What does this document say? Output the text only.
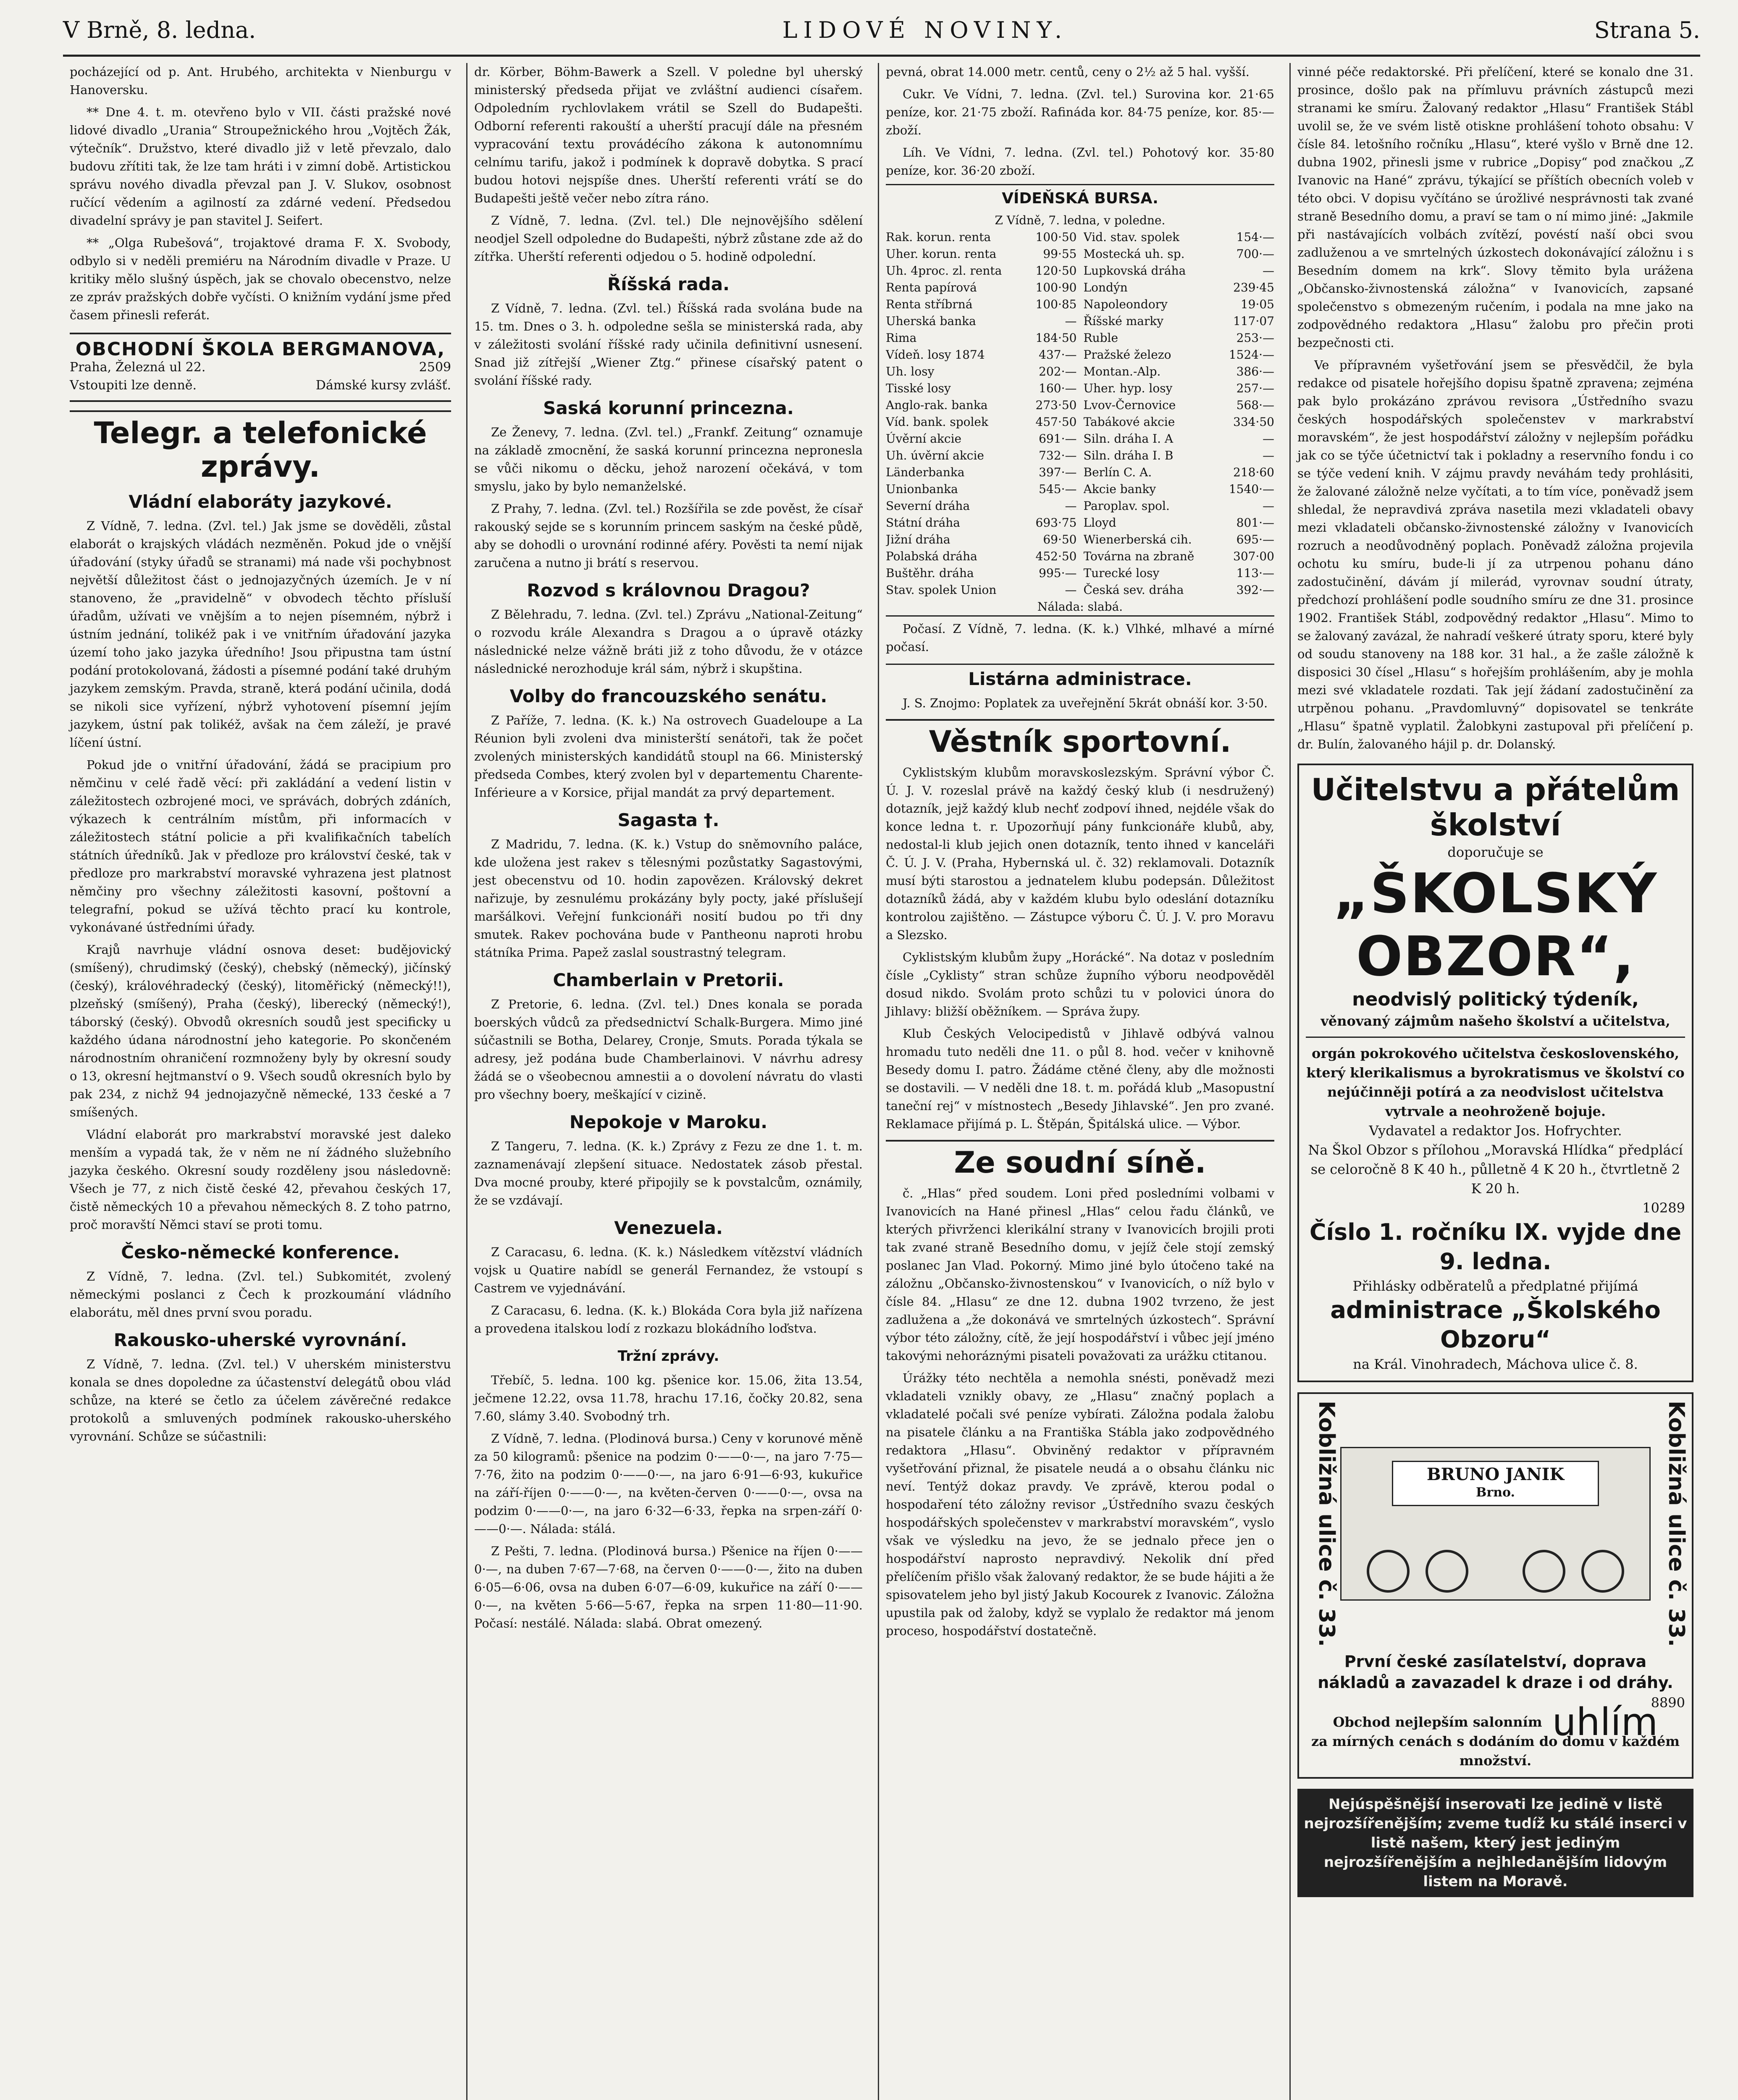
V Brně, 8. ledna.	LIDOVÉ NOVINY.	Strana 5.

pocházející od p. Ant. Hrubého, architekta v Nienburgu v Hanoversku.

** Dne 4. t. m. otevřeno bylo v VII. části pražské nové lidové divadlo „Urania“ Stroupežnického hrou „Vojtěch Žák, výtečník“. Družstvo, které divadlo již v letě převzalo, dalo budovu zřítiti tak, že lze tam hráti i v zimní době. Artistickou správu nového divadla převzal pan J. V. Slukov, osobnost ručící vědením a agilností za zdárné vedení. Předsedou divadelní správy je pan stavitel J. Seifert.

** „Olga Rubešová“, trojaktové drama F. X. Svobody, odbylo si v neděli premiéru na Národním divadle v Praze. U kritiky mělo slušný úspěch, jak se chovalo obecenstvo, nelze ze zpráv pražských dobře vyčísti. O knižním vydání jsme před časem přinesli referát.

OBCHODNÍ ŠKOLA BERGMANOVA,
Praha, Železná ul 22.	2509
Vstoupiti lze denně.	Dámské kursy zvlášť.
Telegr. a telefonické zprávy.
Vládní elaboráty jazykové.

Z Vídně, 7. ledna. (Zvl. tel.) Jak jsme se dověděli, zůstal elaborát o krajských vládách nezměněn. Pokud jde o vnější úřadování (styky úřadů se stranami) má nade vši pochybnost největší důležitost část o jednojazyčných územích. Je v ní stanoveno, že „pravidelně“ v obvodech těchto přísluší úřadům, užívati ve vnějším a to nejen písemném, nýbrž i ústním jednání, tolikéž pak i ve vnitřním úřadování jazyka území toho jako jazyka úředního! Jsou připustna tam ústní podání protokolovaná, žádosti a písemné podání také druhým jazykem zemským. Pravda, straně, která podání učinila, dodá se nikoli sice vyřízení, nýbrž vyhotovení písemní jejím jazykem, ústní pak tolikéž, avšak na čem záleží, je pravé líčení ústní.

Pokud jde o vnitřní úřadování, žádá se pracipium pro němčinu v celé řadě věcí: při zakládání a vedení listin v záležitostech ozbrojené moci, ve správách, dobrých zdáních, výkazech k centrálním místům, při informacích v záležitostech státní policie a při kvalifikačních tabelích státních úředníků. Jak v předloze pro království české, tak v předloze pro markrabství moravské vyhrazena jest platnost němčiny pro všechny záležitosti kasovní, poštovní a telegrafní, pokud se užívá těchto prací ku kontrole, vykonávané ústředními úřady.

Krajů navrhuje vládní osnova deset: budějovický (smíšený), chrudimský (český), chebský (německý), jičínský (český), královéhradecký (český), litoměřický (německý!!), plzeňský (smíšený), Praha (český), liberecký (německý!), táborský (český). Obvodů okresních soudů jest specificky u každého údana národnostní jeho kategorie. Po skončeném národnostním ohraničení rozmnoženy byly by okresní soudy o 13, okresní hejtmanství o 9. Všech soudů okresních bylo by pak 234, z nichž 94 jednojazyčně německé, 133 české a 7 smíšených.

Vládní elaborát pro markrabství moravské jest daleko menším a vypadá tak, že v něm ne ní žádného služebního jazyka českého. Okresní soudy rozděleny jsou následovně: Všech je 77, z nich čistě české 42, převahou českých 17, čistě německých 10 a převahou německých 8. Z toho patrno, proč moravští Němci staví se proti tomu.

Česko-německé konference.

Z Vídně, 7. ledna. (Zvl. tel.) Subkomitét, zvolený německými poslanci z Čech k prozkoumání vládního elaborátu, měl dnes první svou poradu.

Rakousko-uherské vyrovnání.

Z Vídně, 7. ledna. (Zvl. tel.) V uherském ministerstvu konala se dnes dopoledne za účastenství delegátů obou vlád schůze, na které se četlo za účelem závěrečné redakce protokolů a smluvených podmínek rakousko-uherského vyrovnání. Schůze se súčastnili:

dr. Körber, Böhm-Bawerk a Szell. V poledne byl uherský ministerský předseda přijat ve zvláštní audienci císařem. Odpoledním rychlovlakem vrátil se Szell do Budapešti. Odborní referenti rakouští a uherští pracují dále na přesném vypracování textu provádécího zákona k autonomnímu celnímu tarifu, jakož i podmínek k dopravě dobytka. S prací budou hotovi nejspíše dnes. Uherští referenti vrátí se do Budapešti ještě večer nebo zítra ráno.

Z Vídně, 7. ledna. (Zvl. tel.) Dle nejnovějšího sdělení neodjel Szell odpoledne do Budapešti, nýbrž zůstane zde až do zítřka. Uherští referenti odjedou o 5. hodině odpolední.

Říšská rada.

Z Vídně, 7. ledna. (Zvl. tel.) Říšská rada svolána bude na 15. tm. Dnes o 3. h. odpoledne sešla se ministerská rada, aby v záležitosti svolání říšské rady učinila definitivní usnesení. Snad již zítřejší „Wiener Ztg.“ přinese císařský patent o svolání říšské rady.

Saská korunní princezna.

Ze Ženevy, 7. ledna. (Zvl. tel.) „Frankf. Zeitung“ oznamuje na základě zmocnění, že saská korunní princezna nepronesla se vůči nikomu o děcku, jehož narození očekává, v tom smyslu, jako by bylo nemanželské.

Z Prahy, 7. ledna. (Zvl. tel.) Rozšířila se zde pověst, že císař rakouský sejde se s korunním princem saským na české půdě, aby se dohodli o urovnání rodinné aféry. Pověsti ta nemí nijak zaručena a nutno ji brátí s reservou.

Rozvod s královnou Dragou?

Z Bělehradu, 7. ledna. (Zvl. tel.) Zprávu „National-Zeitung“ o rozvodu krále Alexandra s Dragou a o úpravě otázky následnické nelze vážně bráti již z toho důvodu, že v otázce následnické nerozhoduje král sám, nýbrž i skupština.

Volby do francouzského senátu.

Z Paříže, 7. ledna. (K. k.) Na ostrovech Guadeloupe a La Réunion byli zvoleni dva ministerští senátoři, tak že počet zvolených ministerských kandidátů stoupl na 66. Ministerský předseda Combes, který zvolen byl v departementu Charente-Inférieure a v Korsice, přijal mandát za prvý departement.

Sagasta †.

Z Madridu, 7. ledna. (K. k.) Vstup do sněmovního paláce, kde uložena jest rakev s tělesnými pozůstatky Sagastovými, jest obecenstvu od 10. hodin zapovězen. Královský dekret nařizuje, by zesnulému prokázány byly pocty, jaké příslušejí maršálkovi. Veřejní funkcionáři nosití budou po tři dny smutek. Rakev pochována bude v Pantheonu naproti hrobu státníka Prima. Papež zaslal soustrastný telegram.

Chamberlain v Pretorii.

Z Pretorie, 6. ledna. (Zvl. tel.) Dnes konala se porada boerských vůdců za předsednictví Schalk-Burgera. Mimo jiné súčastnili se Botha, Delarey, Cronje, Smuts. Porada týkala se adresy, jež podána bude Chamberlainovi. V návrhu adresy žádá se o všeobecnou amnestii a o dovolení návratu do vlasti pro všechny boery, meškající v cizině.

Nepokoje v Maroku.

Z Tangeru, 7. ledna. (K. k.) Zprávy z Fezu ze dne 1. t. m. zaznamenávají zlepšení situace. Nedostatek zásob přestal. Dva mocné prouby, které připojily se k povstalcům, oznámily, že se vzdávají.

Venezuela.

Z Caracasu, 6. ledna. (K. k.) Následkem vítězství vládních vojsk u Quatire nabídl se generál Fernandez, že vstoupí s Castrem ve vyjednávání.

Z Caracasu, 6. ledna. (K. k.) Blokáda Cora byla již nařízena a provedena italskou lodí z rozkazu blokádního loďstva.

Tržní zprávy.

Třebíč, 5. ledna. 100 kg. pšenice kor. 15.06, žita 13.54, ječmene 12.22, ovsa 11.78, hrachu 17.16, čočky 20.82, sena 7.60, slámy 3.40. Svobodný trh.

Z Vídně, 7. ledna. (Plodinová bursa.) Ceny v korunové měně za 50 kilogramů: pšenice na podzim 0·——0·—, na jaro 7·75—7·76, žito na podzim 0·——0·—, na jaro 6·91—6·93, kukuřice na září-říjen 0·——0·—, na květen-červen 0·——0·—, ovsa na podzim 0·——0·—, na jaro 6·32—6·33, řepka na srpen-září 0·——0·—. Nálada: stálá.

Z Pešti, 7. ledna. (Plodinová bursa.) Pšenice na říjen 0·——0·—, na duben 7·67—7·68, na červen 0·——0·—, žito na duben 6·05—6·06, ovsa na duben 6·07—6·09, kukuřice na září 0·——0·—, na květen 5·66—5·67, řepka na srpen 11·80—11·90. Počasí: nestálé. Nálada: slabá. Obrat omezený.

pevná, obrat 14.000 metr. centů, ceny o 2½ až 5 hal. vyšší.

Cukr. Ve Vídni, 7. ledna. (Zvl. tel.) Surovina kor. 21·65 peníze, kor. 21·75 zboží. Rafináda kor. 84·75 peníze, kor. 85·— zboží.

Líh. Ve Vídni, 7. ledna. (Zvl. tel.) Pohotový kor. 35·80 peníze, kor. 36·20 zboží.

VÍDEŇSKÁ BURSA.
Z Vídně, 7. ledna, v poledne.
Rak. korun. renta	100·50 Vid. stav. spolek	154·—
Uher. korun. renta	99·55 Mostecká uh. sp.	700·—
Uh. 4proc. zl. renta	120·50 Lupkovská dráha	—
Renta papírová	100·90 Londýn	239·45
Renta stříbrná	100·85 Napoleondory	19·05
Uherská banka	— Říšské marky	117·07
Rima	184·50 Ruble	253·—
Vídeň. losy 1874	437·— Pražské železo	1524·—
Uh. losy	202·— Montan.-Alp.	386·—
Tisské losy	160·— Uher. hyp. losy	257·—
Anglo-rak. banka	273·50 Lvov-Černovice	568·—
Víd. bank. spolek	457·50 Tabákové akcie	334·50
Úvěrní akcie	691·— Siln. dráha I. A	—
Uh. úvěrní akcie	732·— Siln. dráha I. B	—
Länderbanka	397·— Berlín C. A.	218·60
Unionbanka	545·— Akcie banky	1540·—
Severní dráha	— Paroplav. spol.	—
Státní dráha	693·75 Lloyd	801·—
Jižní dráha	69·50 Wienerberská cih.	695·—
Polabská dráha	452·50 Továrna na zbraně	307·00
Buštěhr. dráha	995·— Turecké losy	113·—
Stav. spolek Union	— Česká sev. dráha	392·—
Nálada: slabá.

Počasí. Z Vídně, 7. ledna. (K. k.) Vlhké, mlhavé a mírné počasí.

Listárna administrace.

J. S. Znojmo: Poplatek za uveřejnění 5krát obnáší kor. 3·50.

Věstník sportovní.

Cyklistským klubům moravskoslezským. Správní výbor Č. Ú. J. V. rozeslal právě na každý český klub (i nesdružený) dotazník, jejž každý klub nechť zodpoví ihned, nejdéle však do konce ledna t. r. Upozorňují pány funkcionáře klubů, aby, nedostal-li klub jejich onen dotazník, tento ihned v kanceláři Č. Ú. J. V. (Praha, Hybernská ul. č. 32) reklamovali. Dotazník musí býti starostou a jednatelem klubu podepsán. Důležitost dotazníků žádá, aby v každém klubu bylo odeslání dotazníku kontrolou zajištěno. — Zástupce výboru Č. Ú. J. V. pro Moravu a Slezsko.

Cyklistským klubům župy „Horácké“. Na dotaz v posledním čísle „Cyklisty“ stran schůze župního výboru neodpověděl dosud nikdo. Svolám proto schůzi tu v polovici února do Jihlavy: bližší oběžníkem. — Správa župy.

Klub Českých Velocipedistů v Jihlavě odbývá valnou hromadu tuto neděli dne 11. o půl 8. hod. večer v knihovně Besedy domu I. patro. Žádáme ctěné členy, aby dle možnosti se dostavili. — V neděli dne 18. t. m. pořádá klub „Masopustní taneční rej“ v místnostech „Besedy Jihlavské“. Jen pro zvané. Reklamace přijímá p. L. Štěpán, Špitálská ulice. — Výbor.

Ze soudní síně.

č. „Hlas“ před soudem. Loni před posledními volbami v Ivanovicích na Hané přinesl „Hlas“ celou řadu článků, ve kterých přivrženci klerikální strany v Ivanovicích brojili proti tak zvané straně Besedního domu, v jejíž čele stojí zemský poslanec Jan Vlad. Pokorný. Mimo jiné bylo útočeno také na záložnu „Občansko-živnostenskou“ v Ivanovicích, o níž bylo v čísle 84. „Hlasu“ ze dne 12. dubna 1902 tvrzeno, že jest zadlužena a „že dokonává ve smrtelných úzkostech“. Správní výbor této záložny, cítě, že její hospodářství i vůbec její jméno takovými nehoráznými pisateli považovati za urážku ctitanou.

Úrážky této nechtěla a nemohla snésti, poněvadž mezi vkladateli vznikly obavy, ze „Hlasu“ značný poplach a vkladatelé počali své peníze vybírati. Záložna podala žalobu na pisatele článku a na Františka Stábla jako zodpovědného redaktora „Hlasu“. Obviněný redaktor v přípravném vyšetřování přiznal, že pisatele neudá a o obsahu článku nic neví. Tentýž dokaz pravdy. Ve zprávě, kterou podal o hospodaření této záložny revisor „Ústředního svazu českých hospodářských společenstev v markrabství moravském“, vyslo však ve výsledku na jevo, že se jednalo přece jen o hospodářství naprosto nepravdivý. Nekolik dní před přelíčením přišlo však žalovaný redaktor, že se bude hájiti a že spisovatelem jeho byl jistý Jakub Kocourek z Ivanovic. Záložna upustila pak od žaloby, když se vyplalo že redaktor má jenom proceso, hospodářství dostatečně.

vinné péče redaktorské. Při přelíčení, které se konalo dne 31. prosince, došlo pak na přímluvu právních zástupců mezi stranami ke smíru. Žalovaný redaktor „Hlasu“ František Stábl uvolil se, že ve svém listě otiskne prohlášení tohoto obsahu: V čísle 84. letošního ročníku „Hlasu“, které vyšlo v Brně dne 12. dubna 1902, přinesli jsme v rubrice „Dopisy“ pod značkou „Z Ivanovic na Hané“ zprávu, týkající se příštích obecních voleb v této obci. V dopisu vyčítáno se úrožlivé nesprávnosti tak zvané straně Besedního domu, a praví se tam o ní mimo jiné: „Jakmile při nastávajících volbách zvítězí, povéstí naší obci svou zadluženou a ve smrtelných úzkostech dokonávající záložnu i s Besedním domem na krk“. Slovy těmito byla urážena „Občansko-živnostenská záložna“ v Ivanovicích, zapsané společenstvo s obmezeným ručením, i podala na mne jako na zodpovědného redaktora „Hlasu“ žalobu pro přečin proti bezpečnosti cti.

Ve přípravném vyšetřování jsem se přesvědčil, že byla redakce od pisatele hořejšího dopisu špatně zpravena; zejména pak bylo prokázáno zprávou revisora „Ústředního svazu českých hospodářských společenstev v markrabství moravském“, že jest hospodářství záložny v nejlepším pořádku jak co se týče účetnictví tak i pokladny a reservního fondu i co se týče vedení knih. V zájmu pravdy neváhám tedy prohlásiti, že žalované záložně nelze vyčítati, a to tím více, poněvadž jsem shledal, že nepravdivá zpráva nasetila mezi vkladateli obavy mezi vkladateli občansko-živnostenské záložny v Ivanovicích rozruch a neodůvodněný poplach. Poněvadž záložna projevila ochotu ku smíru, bude-li jí za utrpenou pohanu dáno zadostučinění, dávám jí milerád, vyrovnav soudní útraty, předchozí prohlášení podle soudního smíru ze dne 31. prosince 1902. František Stábl, zodpovědný redaktor „Hlasu“. Mimo to se žalovaný zavázal, že nahradí veškeré útraty sporu, které byly od soudu stanoveny na 188 kor. 31 hal., a že zašle záložně k disposici 30 čísel „Hlasu“ s hořejším prohlášením, aby je mohla mezi své vkladatele rozdati. Tak její žádaní zadostučinění za utrpěnou pohanu. „Pravdomluvný“ dopisovatel se tenkráte „Hlasu“ špatně vyplatil. Žalobkyni zastupoval při přelíčení p. dr. Bulín, žalovaného hájil p. dr. Dolanský.

Učitelstvu a přátelům školství
doporučuje se
„ŠKOLSKÝ OBZOR“,
neodvislý politický týdeník,
věnovaný zájmům našeho školství a učitelstva,
orgán pokrokového učitelstva československého, který klerikalismus a byrokratismus ve školství co nejúčinněji potírá a za neodvislost učitelstva vytrvale a neohroženě bojuje.
Vydavatel a redaktor Jos. Hofrychter.
Na Škol Obzor s přílohou „Moravská Hlídka“ předplácí se celoročně 8 K 40 h., půlletně 4 K 20 h., čtvrtletně 2 K 20 h.
10289
Číslo 1. ročníku IX. vyjde dne 9. ledna.
Přihlásky odběratelů a předplatné přijímá
administrace „Školského Obzoru“
na Král. Vinohradech, Máchova ulice č. 8.
Kobližná ulice č. 33.	BRUNO JANIK
Brno.	Kobližná ulice č. 33.
První české zasílatelství, doprava nákladů a zavazadel k draze i od dráhy.
8890
Obchod nejlepším salonním uhlím
za mírných cenách s dodáním do domu v každém množství.
Nejúspěšnější inserovati lze jedině v listě nejrozšířenějším; zveme tudíž ku stálé inserci v listě našem, který jest jediným nejrozšířenějším a nejhledanějším lidovým listem na Moravě.
